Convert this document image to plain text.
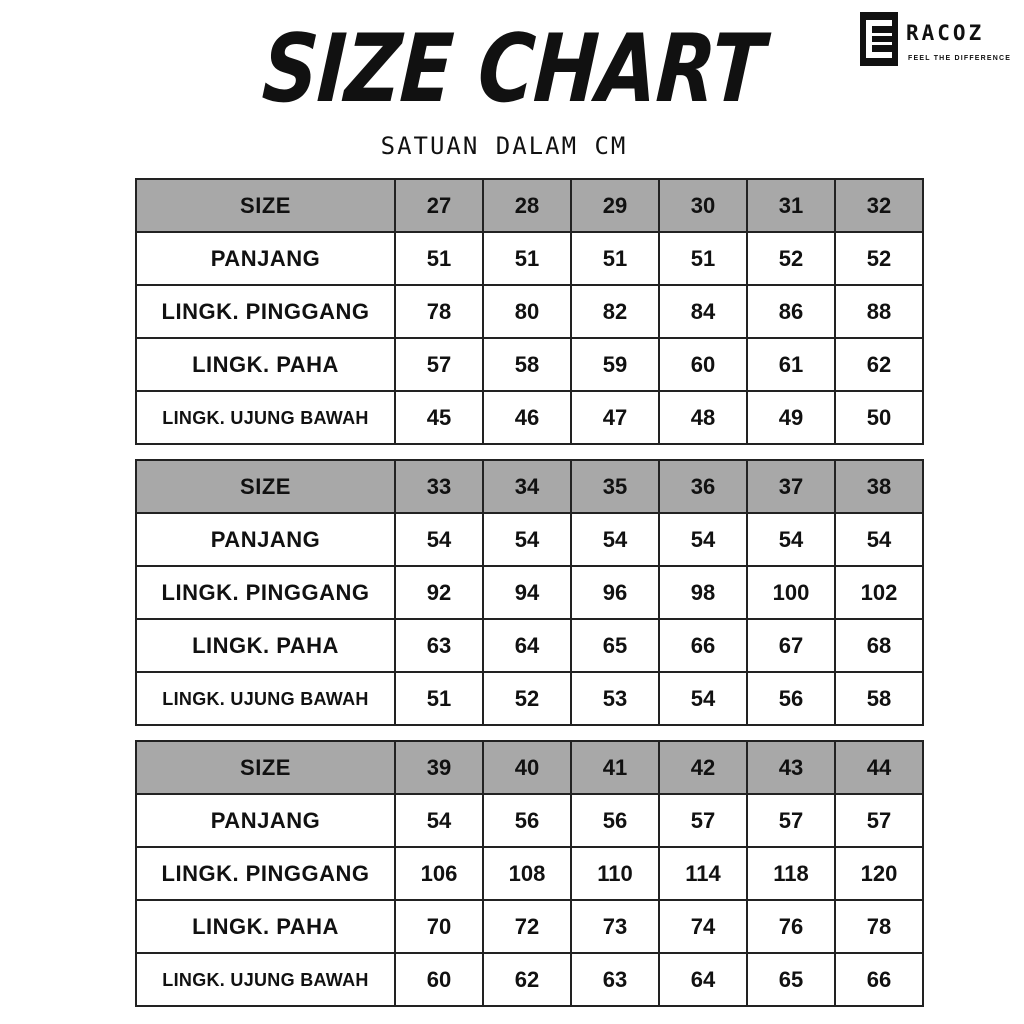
RACOZ
FEEL THE DIFFERENCE
SIZE CHART
SATUAN DALAM CM
SIZE	27	28	29	30	31	32
PANJANG	51	51	51	51	52	52
LINGK. PINGGANG	78	80	82	84	86	88
LINGK. PAHA	57	58	59	60	61	62
LINGK. UJUNG BAWAH	45	46	47	48	49	50
SIZE	33	34	35	36	37	38
PANJANG	54	54	54	54	54	54
LINGK. PINGGANG	92	94	96	98	100	102
LINGK. PAHA	63	64	65	66	67	68
LINGK. UJUNG BAWAH	51	52	53	54	56	58
SIZE	39	40	41	42	43	44
PANJANG	54	56	56	57	57	57
LINGK. PINGGANG	106	108	110	114	118	120
LINGK. PAHA	70	72	73	74	76	78
LINGK. UJUNG BAWAH	60	62	63	64	65	66
